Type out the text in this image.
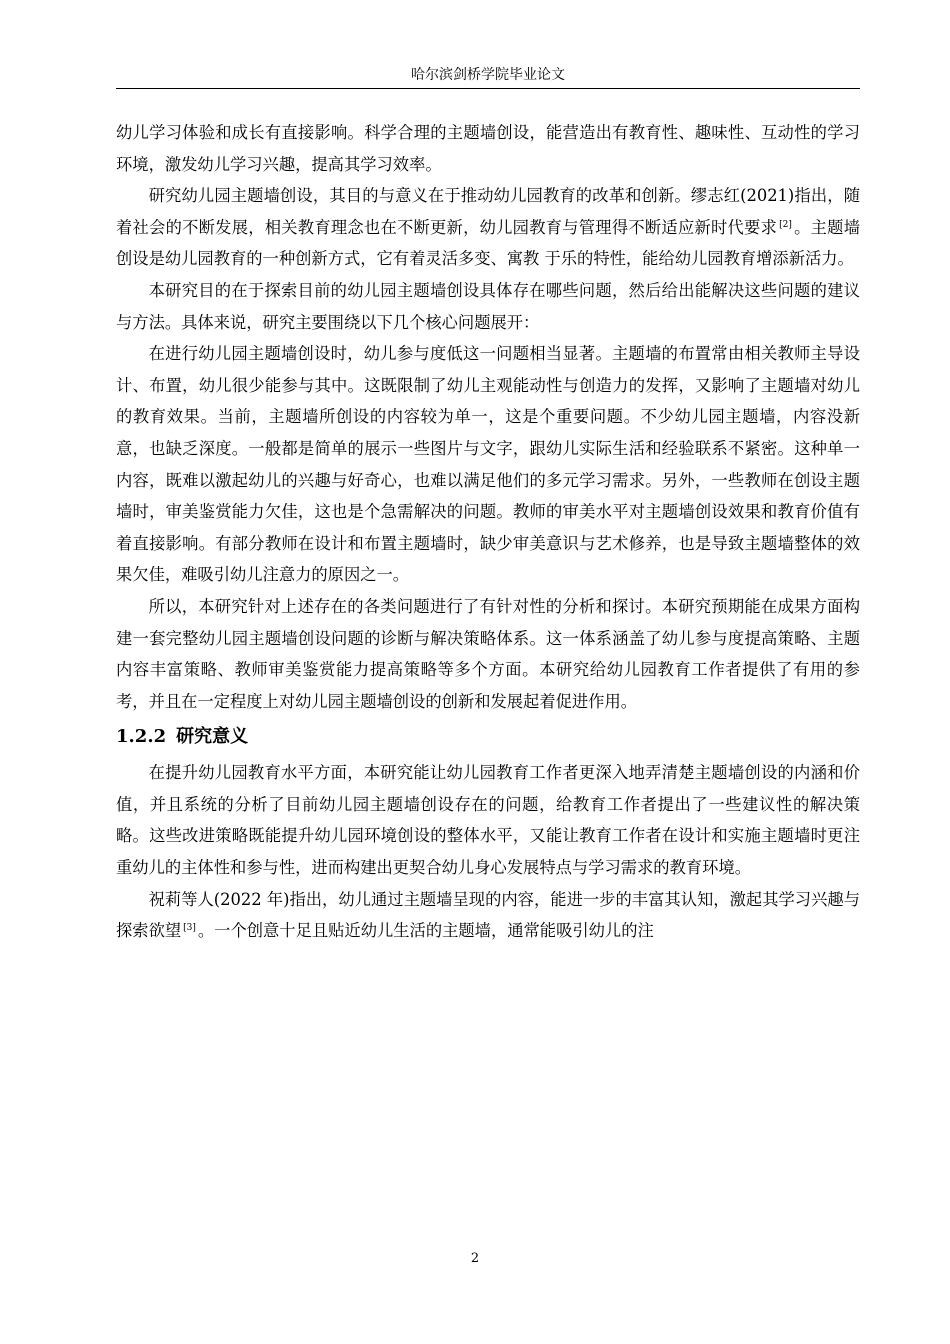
哈尔滨剑桥学院毕业论文

幼儿学习体验和成长有直接影响。科学合理的主题墙创设，能营造出有教育性、趣味性、互动性的学习环境，激发幼儿学习兴趣，提高其学习效率。

研究幼儿园主题墙创设，其目的与意义在于推动幼儿园教育的改革和创新。缪志红(2021)指出，随着社会的不断发展，相关教育理念也在不断更新，幼儿园教育与管理得不断适应新时代要求 [2] 。主题墙创设是幼儿园教育的一种创新方式，它有着灵活多变、寓教 于乐的特性，能给幼儿园教育增添新活力。

本研究目的在于探索目前的幼儿园主题墙创设具体存在哪些问题，然后给出能解决这些问题的建议与方法。具体来说，研究主要围绕以下几个核心问题展开：

在进行幼儿园主题墙创设时，幼儿参与度低这一问题相当显著。主题墙的布置常由相关教师主导设计、布置，幼儿很少能参与其中。这既限制了幼儿主观能动性与创造力的发挥，又影响了主题墙对幼儿的教育效果。当前，主题墙所创设的内容较为单一，这是个重要问题。不少幼儿园主题墙，内容没新意，也缺乏深度。一般都是简单的展示一些图片与文字，跟幼儿实际生活和经验联系不紧密。这种单一内容，既难以激起幼儿的兴趣与好奇心，也难以满足他们的多元学习需求。另外，一些教师在创设主题墙时，审美鉴赏能力欠佳，这也是个急需解决的问题。教师的审美水平对主题墙创设效果和教育价值有着直接影响。有部分教师在设计和布置主题墙时，缺少审美意识与艺术修养，也是导致主题墙整体的效果欠佳，难吸引幼儿注意力的原因之一。

所以，本研究针对上述存在的各类问题进行了有针对性的分析和探讨。本研究预期能在成果方面构建一套完整幼儿园主题墙创设问题的诊断与解决策略体系。这一体系涵盖了幼儿参与度提高策略、主题内容丰富策略、教师审美鉴赏能力提高策略等多个方面。本研究给幼儿园教育工作者提供了有用的参考，并且在一定程度上对幼儿园主题墙创设的创新和发展起着促进作用。

1.2.2 研究意义

在提升幼儿园教育水平方面，本研究能让幼儿园教育工作者更深入地弄清楚主题墙创设的内涵和价值，并且系统的分析了目前幼儿园主题墙创设存在的问题，给教育工作者提出了一些建议性的解决策略。这些改进策略既能提升幼儿园环境创设的整体水平，又能让教育工作者在设计和实施主题墙时更注重幼儿的主体性和参与性，进而构建出更契合幼儿身心发展特点与学习需求的教育环境。

祝莉等人(2022 年)指出，幼儿通过主题墙呈现的内容，能进一步的丰富其认知，激起其学习兴趣与探索欲望 [3] 。一个创意十足且贴近幼儿生活的主题墙，通常能吸引幼儿的注

2
